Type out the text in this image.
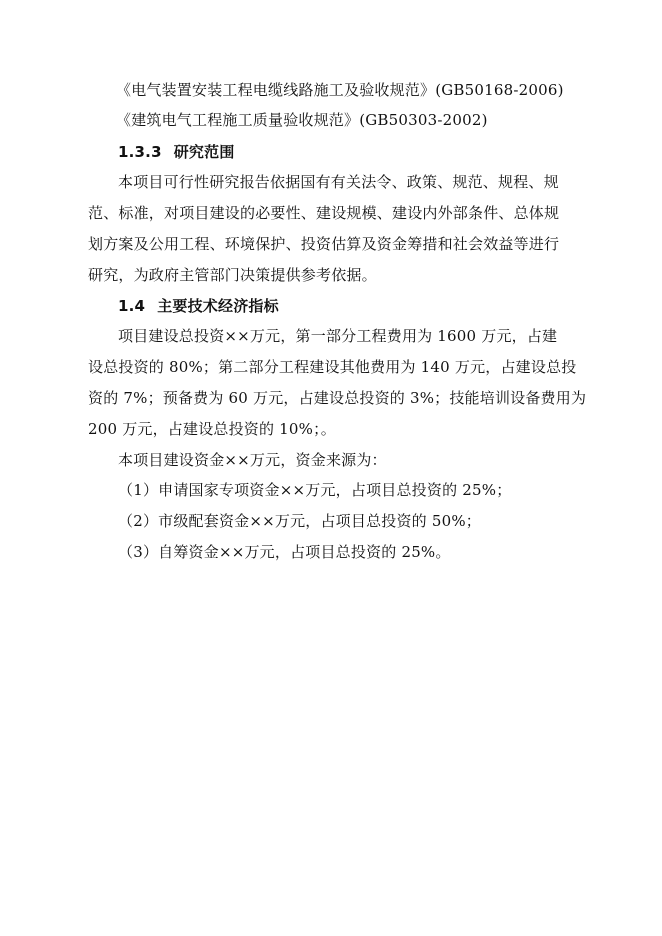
《电气装置安装工程电缆线路施工及验收规范》(GB50168-2006)
《建筑电气工程施工质量验收规范》(GB50303-2002)
1.3.3 研究范围
本项目可行性研究报告依据国有有关法令、政策、规范、规程、规
范、标准，对项目建设的必要性、建设规模、建设内外部条件、总体规
划方案及公用工程、环境保护、投资估算及资金筹措和社会效益等进行
研究，为政府主管部门决策提供参考依据。
1.4 主要技术经济指标
项目建设总投资××万元，第一部分工程费用为 1600 万元，占建
设总投资的 80%；第二部分工程建设其他费用为 140 万元，占建设总投
资的 7%；预备费为 60 万元，占建设总投资的 3%；技能培训设备费用为
200 万元，占建设总投资的 10%；。
本项目建设资金××万元，资金来源为：
（1）申请国家专项资金××万元，占项目总投资的 25%；
（2）市级配套资金××万元，占项目总投资的 50%；
（3）自筹资金××万元，占项目总投资的 25%。
